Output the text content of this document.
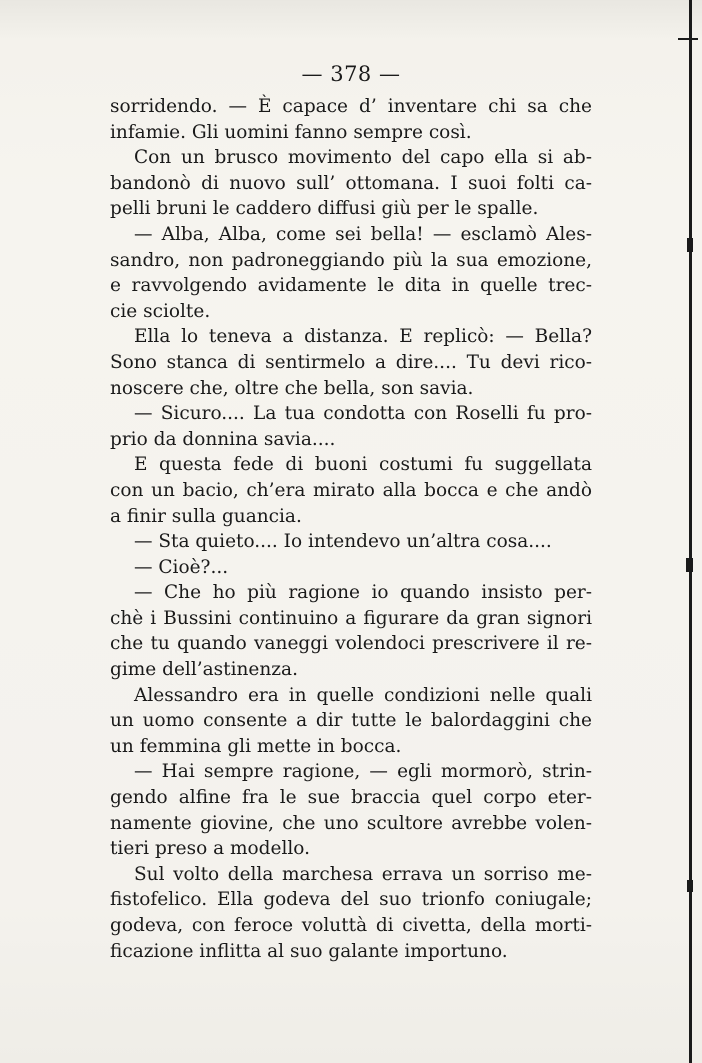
— 378 —
sorridendo. — È capace d’ inventare chi sa che
infamie. Gli uomini fanno sempre così.
Con un brusco movimento del capo ella si ab-
bandonò di nuovo sull’ ottomana. I suoi folti ca-
pelli bruni le caddero diffusi giù per le spalle.
— Alba, Alba, come sei bella! — esclamò Ales-
sandro, non padroneggiando più la sua emozione,
e ravvolgendo avidamente le dita in quelle trec-
cie sciolte.
Ella lo teneva a distanza. E replicò: — Bella?
Sono stanca di sentirmelo a dire.... Tu devi rico-
noscere che, oltre che bella, son savia.
— Sicuro.... La tua condotta con Roselli fu pro-
prio da donnina savia....
E questa fede di buoni costumi fu suggellata
con un bacio, ch’era mirato alla bocca e che andò
a finir sulla guancia.
— Sta quieto.... Io intendevo un’altra cosa....
— Cioè?...
— Che ho più ragione io quando insisto per-
chè i Bussini continuino a figurare da gran signori
che tu quando vaneggi volendoci prescrivere il re-
gime dell’astinenza.
Alessandro era in quelle condizioni nelle quali
un uomo consente a dir tutte le balordaggini che
un femmina gli mette in bocca.
— Hai sempre ragione, — egli mormorò, strin-
gendo alfine fra le sue braccia quel corpo eter-
namente giovine, che uno scultore avrebbe volen-
tieri preso a modello.
Sul volto della marchesa errava un sorriso me-
fistofelico. Ella godeva del suo trionfo coniugale;
godeva, con feroce voluttà di civetta, della morti-
ficazione inflitta al suo galante importuno.
